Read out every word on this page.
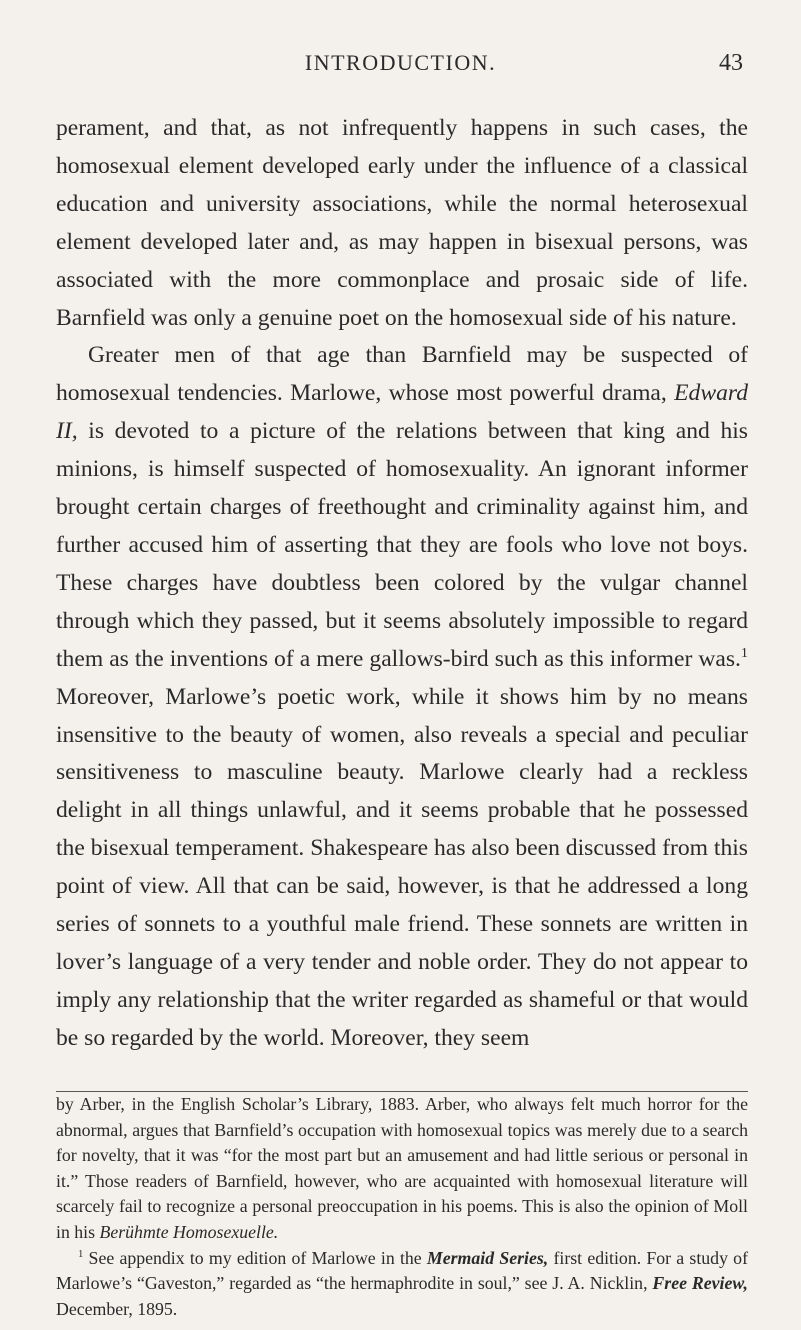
INTRODUCTION.	43

perament, and that, as not infrequently happens in such cases, the homosexual element developed early under the influence of a classical education and university associations, while the normal heterosexual element developed later and, as may happen in bisexual persons, was associated with the more commonplace and prosaic side of life. Barnfield was only a genuine poet on the homosexual side of his nature.

Greater men of that age than Barnfield may be suspected of homosexual tendencies. Marlowe, whose most powerful drama, Edward II, is devoted to a picture of the relations between that king and his minions, is himself suspected of homosexuality. An ignorant informer brought certain charges of freethought and criminality against him, and further accused him of asserting that they are fools who love not boys. These charges have doubtless been colored by the vulgar channel through which they passed, but it seems absolutely impossible to regard them as the inventions of a mere gallows-bird such as this informer was.$^1$ Moreover, Marlowe’s poetic work, while it shows him by no means insensitive to the beauty of women, also reveals a special and peculiar sensitiveness to masculine beauty. Marlowe clearly had a reckless delight in all things unlawful, and it seems probable that he possessed the bisexual temperament. Shakespeare has also been discussed from this point of view. All that can be said, however, is that he addressed a long series of sonnets to a youthful male friend. These sonnets are written in lover’s language of a very tender and noble order. They do not appear to imply any relationship that the writer regarded as shameful or that would be so regarded by the world. Moreover, they seem

by Arber, in the English Scholar’s Library, 1883. Arber, who always felt much horror for the abnormal, argues that Barnfield’s occupation with homosexual topics was merely due to a search for novelty, that it was “for the most part but an amusement and had little serious or personal in it.” Those readers of Barnfield, however, who are acquainted with homosexual literature will scarcely fail to recognize a personal preoccupation in his poems. This is also the opinion of Moll in his Berühmte Homosexuelle.

$^1$ See appendix to my edition of Marlowe in the Mermaid Series, first edition. For a study of Marlowe’s “Gaveston,” regarded as “the hermaphrodite in soul,” see J. A. Nicklin, Free Review, December, 1895.
